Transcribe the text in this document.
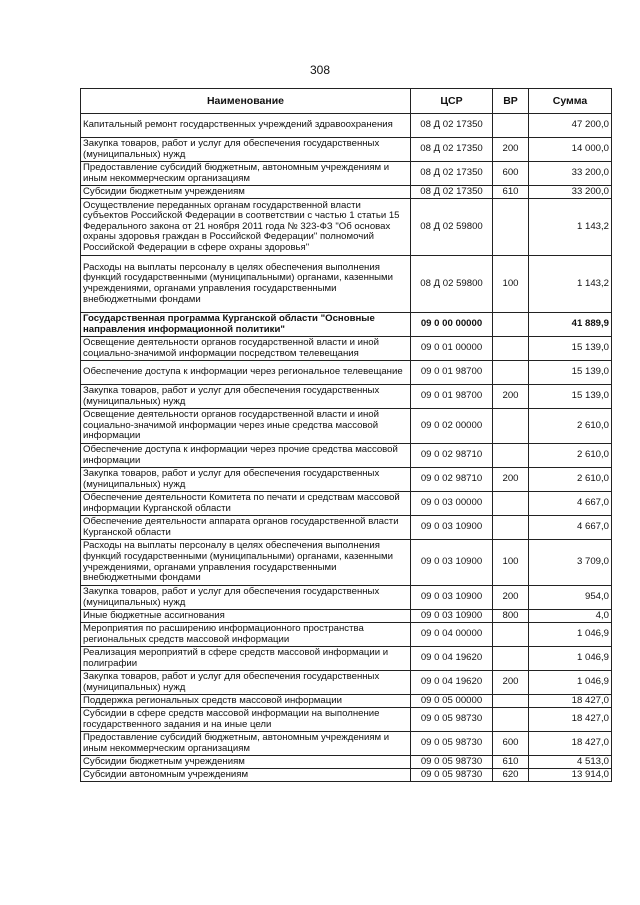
308
Наименование	ЦСР	ВР	Сумма
Капитальный ремонт государственных учреждений здравоохранения	08 Д 02 17350		47 200,0
Закупка товаров, работ и услуг для обеспечения государственных (муниципальных) нужд	08 Д 02 17350	200	14 000,0
Предоставление субсидий бюджетным, автономным учреждениям и иным некоммерческим организациям	08 Д 02 17350	600	33 200,0
Субсидии бюджетным учреждениям	08 Д 02 17350	610	33 200,0
Осуществление переданных органам государственной власти субъектов Российской Федерации в соответствии с частью 1 статьи 15 Федерального закона от 21 ноября 2011 года № 323-ФЗ "Об основах охраны здоровья граждан в Российской Федерации" полномочий Российской Федерации в сфере охраны здоровья"	08 Д 02 59800		1 143,2
Расходы на выплаты персоналу в целях обеспечения выполнения функций государственными (муниципальными) органами, казенными учреждениями, органами управления государственными внебюджетными фондами	08 Д 02 59800	100	1 143,2
Государственная программа Курганской области "Основные направления информационной политики"	09 0 00 00000		41 889,9
Освещение деятельности органов государственной власти и иной социально-значимой информации посредством телевещания	09 0 01 00000		15 139,0
Обеспечение доступа к информации через региональное телевещание	09 0 01 98700		15 139,0
Закупка товаров, работ и услуг для обеспечения государственных (муниципальных) нужд	09 0 01 98700	200	15 139,0
Освещение деятельности органов государственной власти и иной социально-значимой информации через иные средства массовой информации	09 0 02 00000		2 610,0
Обеспечение доступа к информации через прочие средства массовой информации	09 0 02 98710		2 610,0
Закупка товаров, работ и услуг для обеспечения государственных (муниципальных) нужд	09 0 02 98710	200	2 610,0
Обеспечение деятельности Комитета по печати и средствам массовой информации Курганской области	09 0 03 00000		4 667,0
Обеспечение деятельности аппарата органов государственной власти Курганской области	09 0 03 10900		4 667,0
Расходы на выплаты персоналу в целях обеспечения выполнения функций государственными (муниципальными) органами, казенными учреждениями, органами управления государственными внебюджетными фондами	09 0 03 10900	100	3 709,0
Закупка товаров, работ и услуг для обеспечения государственных (муниципальных) нужд	09 0 03 10900	200	954,0
Иные бюджетные ассигнования	09 0 03 10900	800	4,0
Мероприятия по расширению информационного пространства региональных средств массовой информации	09 0 04 00000		1 046,9
Реализация мероприятий в сфере средств массовой информации и полиграфии	09 0 04 19620		1 046,9
Закупка товаров, работ и услуг для обеспечения государственных (муниципальных) нужд	09 0 04 19620	200	1 046,9
Поддержка региональных средств массовой информации	09 0 05 00000		18 427,0
Субсидии в сфере средств массовой информации на выполнение государственного задания и на иные цели	09 0 05 98730		18 427,0
Предоставление субсидий бюджетным, автономным учреждениям и иным некоммерческим организациям	09 0 05 98730	600	18 427,0
Субсидии бюджетным учреждениям	09 0 05 98730	610	4 513,0
Субсидии автономным учреждениям	09 0 05 98730	620	13 914,0
